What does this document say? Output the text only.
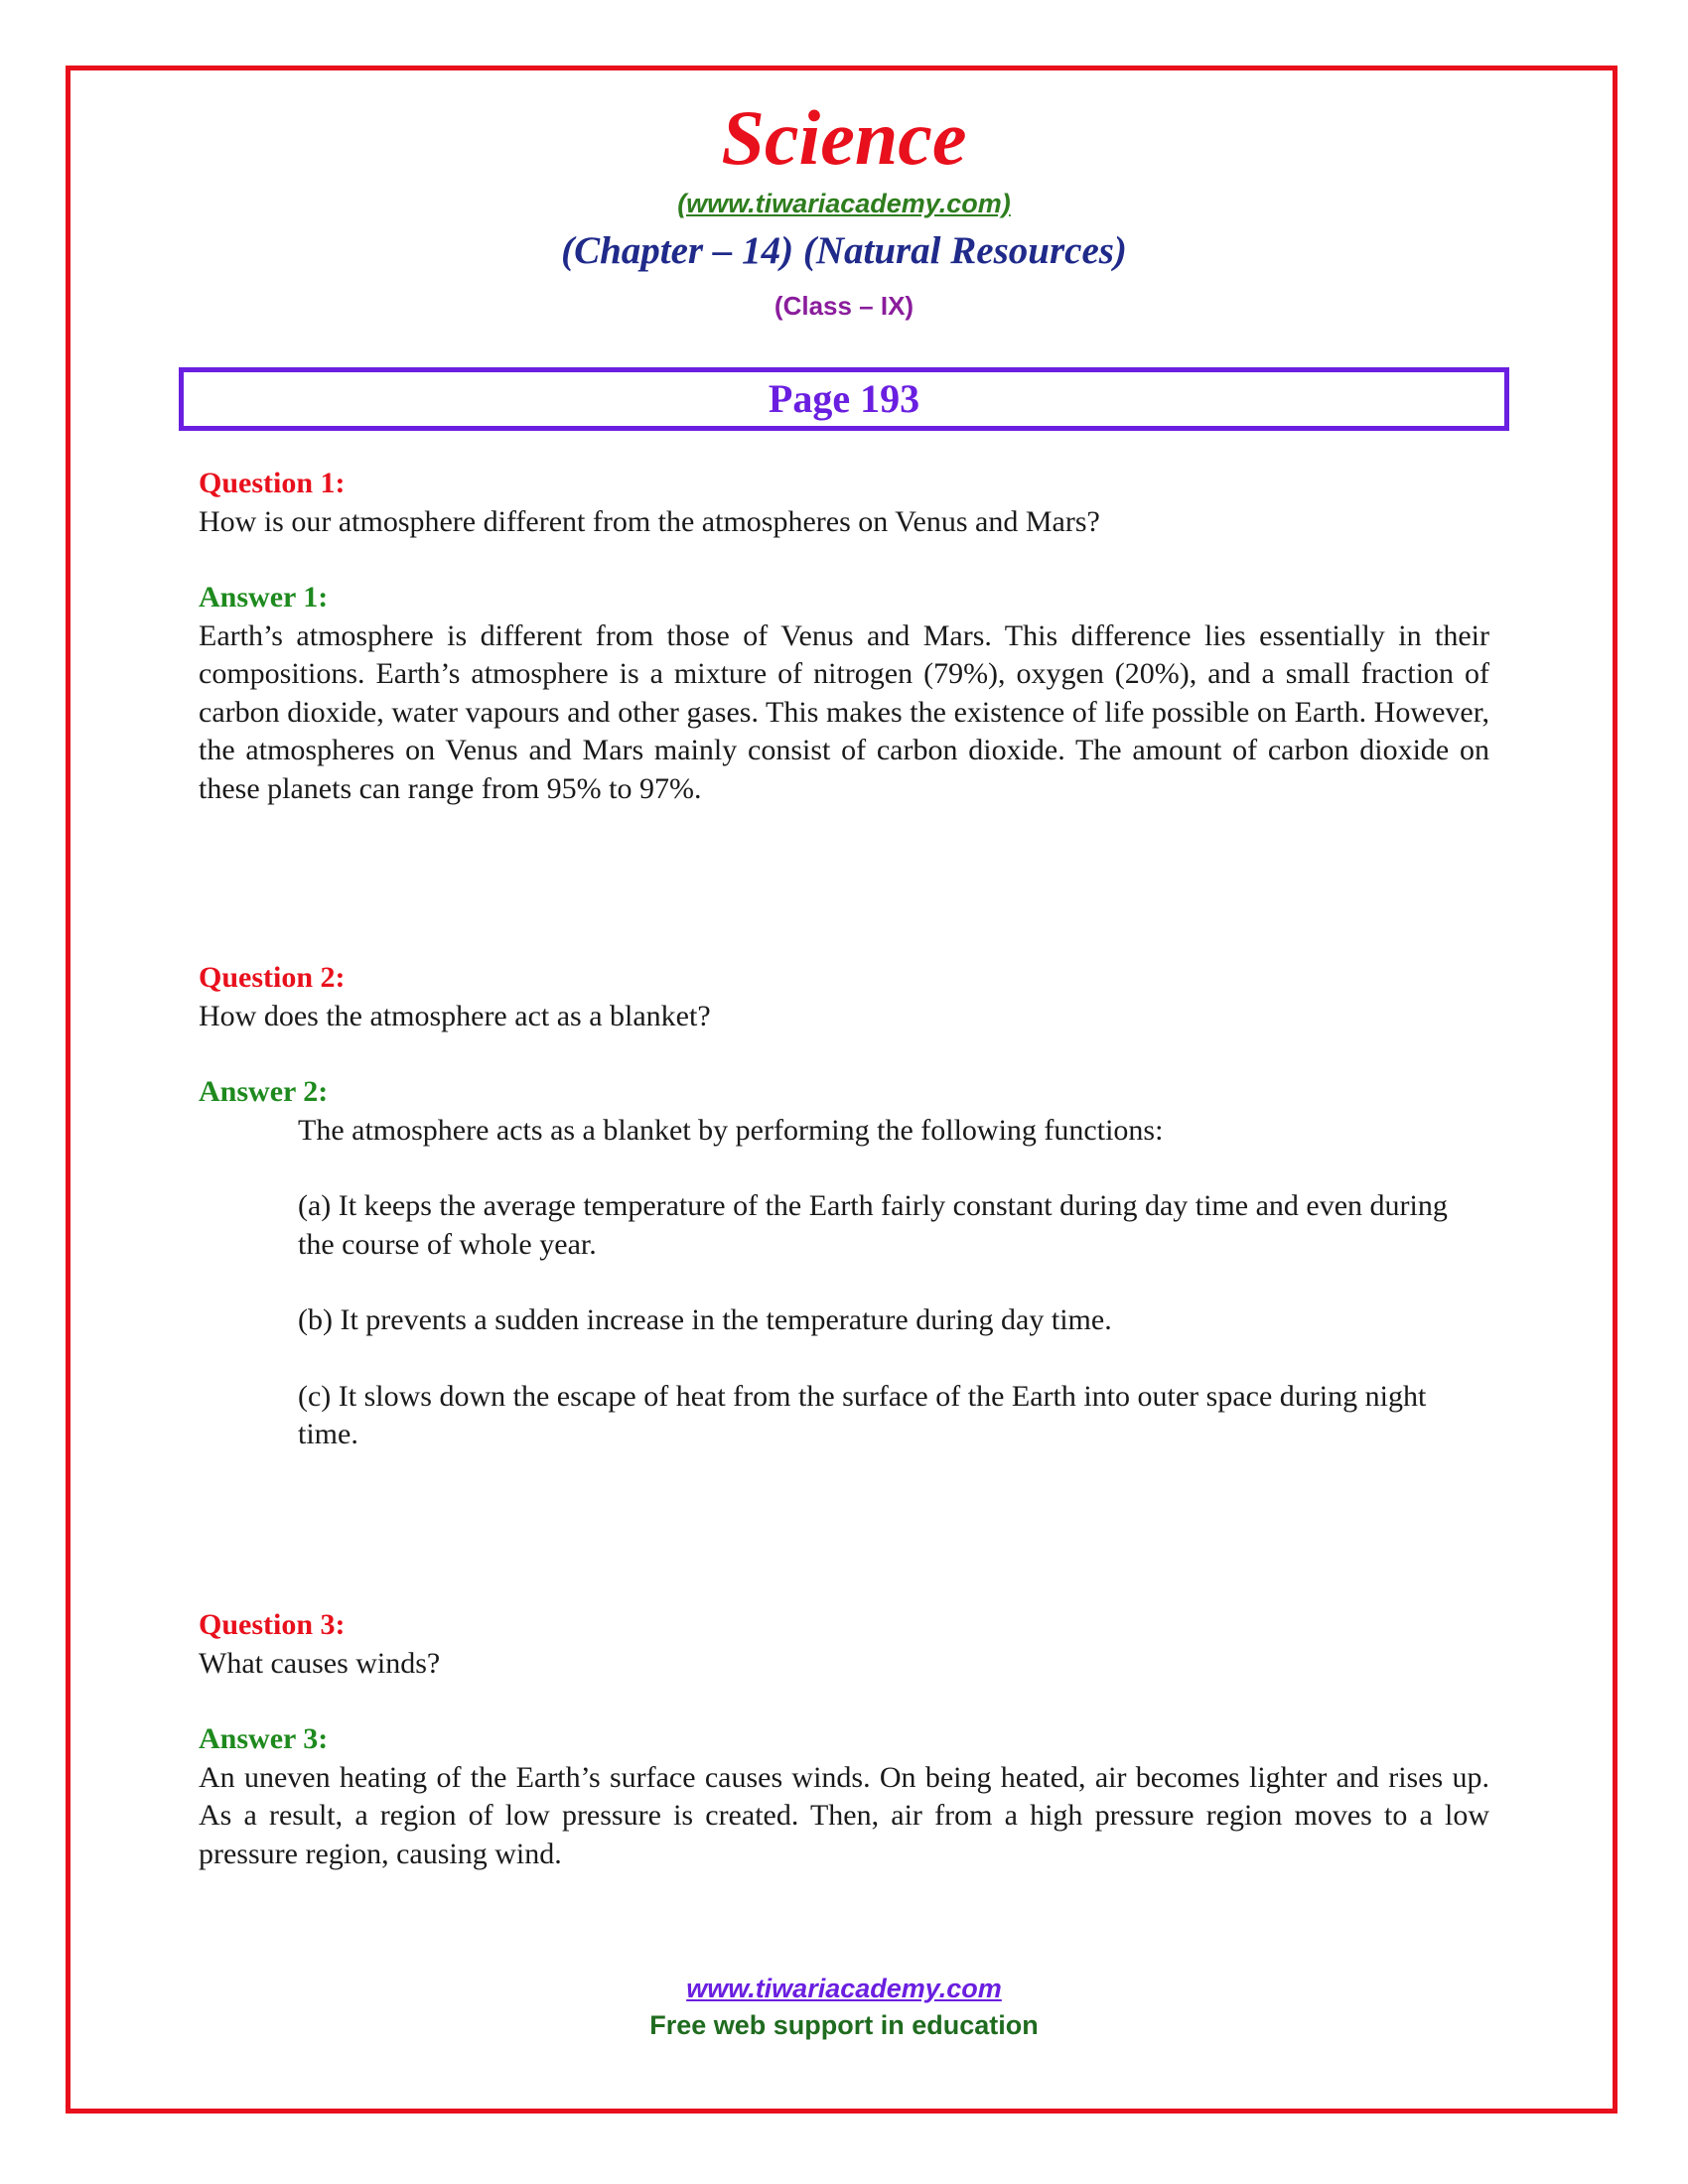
Science
(www.tiwariacademy.com)
(Chapter – 14) (Natural Resources)
(Class – IX)
Page 193

Question 1:

How is our atmosphere different from the atmospheres on Venus and Mars?

Answer 1:

Earth’s atmosphere is different from those of Venus and Mars. This difference lies essentially in their compositions. Earth’s atmosphere is a mixture of nitrogen (79%), oxygen (20%), and a small fraction of carbon dioxide, water vapours and other gases. This makes the existence of life possible on Earth. However, the atmospheres on Venus and Mars mainly consist of carbon dioxide. The amount of carbon dioxide on these planets can range from 95% to 97%.

Question 2:

How does the atmosphere act as a blanket?

Answer 2:

The atmosphere acts as a blanket by performing the following functions:

(a) It keeps the average temperature of the Earth fairly constant during day time and even during the course of whole year.

(b) It prevents a sudden increase in the temperature during day time.

(c) It slows down the escape of heat from the surface of the Earth into outer space during night time.

Question 3:

What causes winds?

Answer 3:

An uneven heating of the Earth’s surface causes winds. On being heated, air becomes lighter and rises up. As a result, a region of low pressure is created. Then, air from a high pressure region moves to a low pressure region, causing wind.

www.tiwariacademy.com
Free web support in education
